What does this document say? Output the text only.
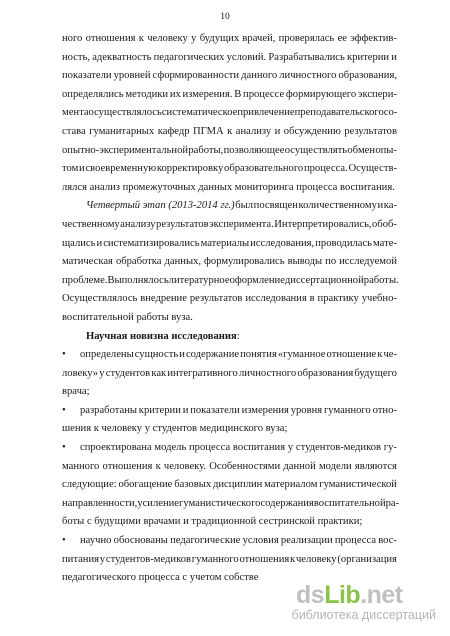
10
ного отношения к человеку у будущих врачей, проверялась ее эффектив-
ность, адекватность педагогических условий. Разрабатывались критерии и
показатели уровней сформированности данного личностного образования,
определялись методики их измерения. В процессе формирующего экспери-
мента осуществлялось систематическое привлечение преподавательского со-
става гуманитарных кафедр ПГМА к анализу и обсуждению результатов
опытно-экспериментальной работы, позволяющее осуществлять обмен опы-
том и своевременную корректировку образовательного процесса. Осуществ-
лялся анализ промежуточных данных мониторинга процесса воспитания.
Четвертый этап (2013-2014 гг.) был посвящен количественному и ка-
чественному анализу результатов эксперимента. Интерпретировались, обоб-
щались и систематизировались материалы исследования, проводилась мате-
матическая обработка данных, формулировались выводы по исследуемой
проблеме. Выполнялось литературное оформление диссертационной работы.
Осуществлялось внедрение результатов исследования в практику учебно-
воспитательной работы вуза.
Научная новизна исследования :
•	определены сущность и содержание понятия «гуманное отношение к че-
ловеку» у студентов как интегративного личностного образования будущего
врача;
•	разработаны критерии и показатели измерения уровня гуманного отно-
шения к человеку у студентов медицинского вуза;
•	спроектирована модель процесса воспитания у студентов-медиков гу-
манного отношения к человеку. Особенностями данной модели являются
следующие: обогащение базовых дисциплин материалом гуманистической
направленности, усиление гуманистического содержания воспитательной ра-
боты с будущими врачами и традиционной сестринской практики;
•	научно обоснованы педагогические условия реализации процесса вос-
питания у студентов-медиков гуманного отношения к человеку (организация
педагогического процесса с учетом собстве
dsLib.net
библиотека диссертаций
